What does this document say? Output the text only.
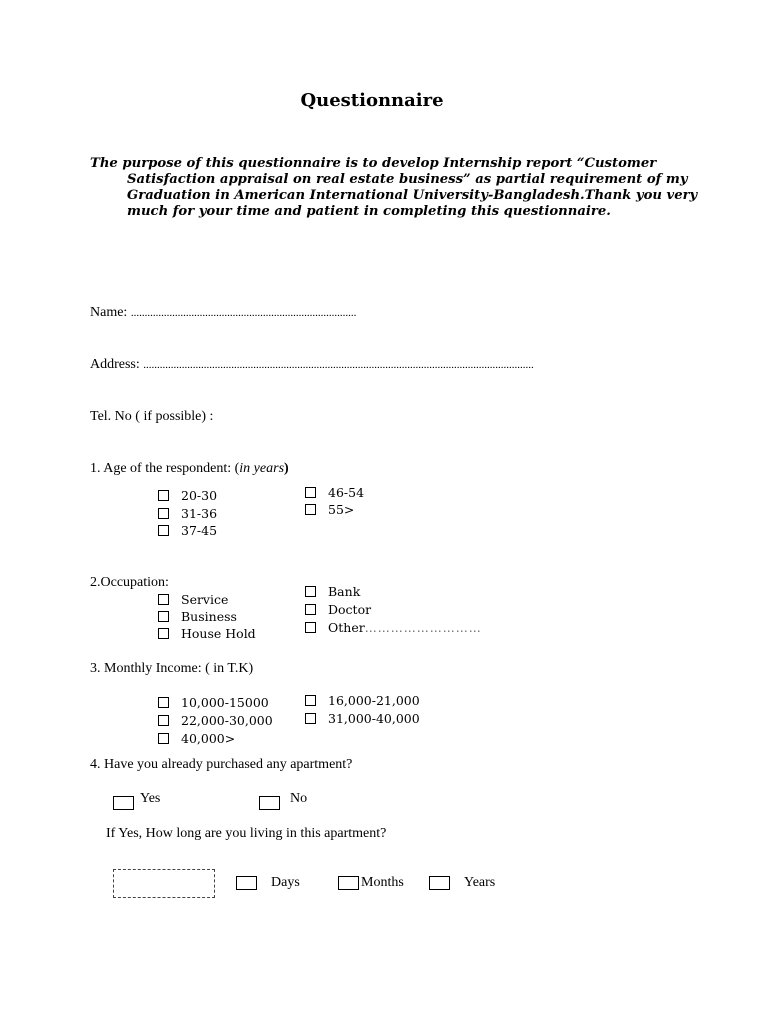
Questionnaire
The purpose of this questionnaire is to develop Internship report “Customer Satisfaction appraisal on real estate business” as partial requirement of my Graduation in American International University-Bangladesh.Thank you very much for your time and patient in completing this questionnaire.
Name: ..................................................................................
Address: ..............................................................................................................................................
Tel. No ( if possible) :
1. Age of the respondent: (in years)
20-30
31-36
37-45
46-54
55>
2.Occupation:
Service
Business
House Hold
Bank
Doctor
Other………………………
3. Monthly Income: ( in T.K)
10,000-15000
22,000-30,000
40,000>
16,000-21,000
31,000-40,000
4. Have you already purchased any apartment?
Yes	No
If Yes, How long are you living in this apartment?
Days	Months	Years
